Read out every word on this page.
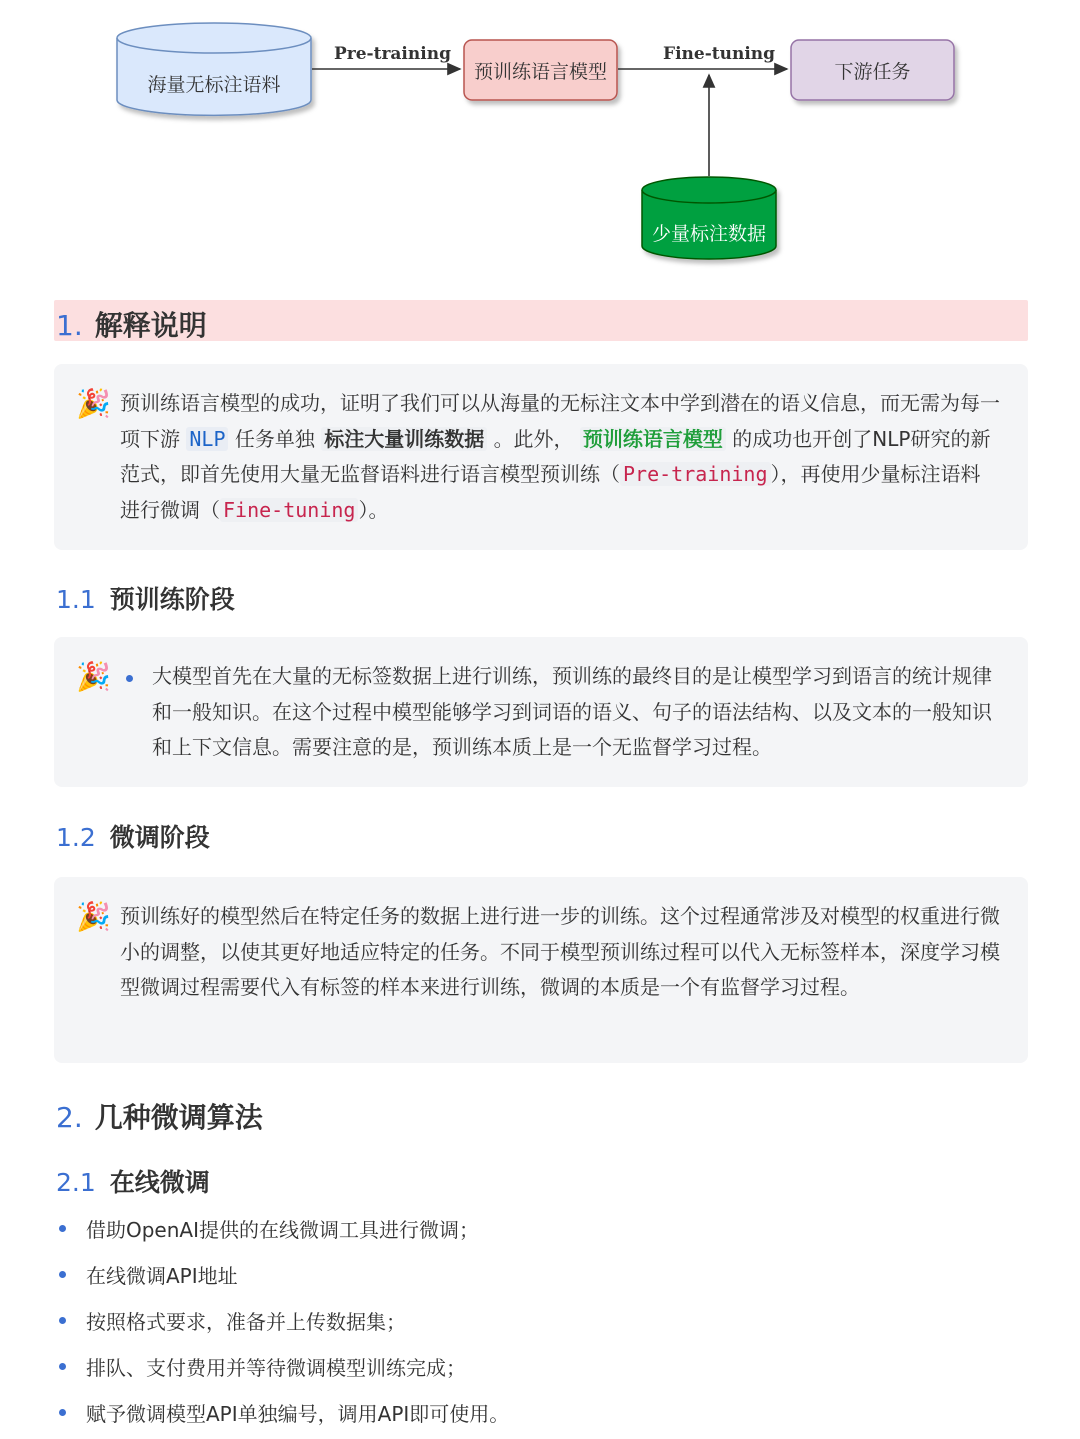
海量无标注语料
Pre-training
预训练语言模型
Fine-tuning
下游任务
少量标注数据
1. 解释说明
🎉 预训练语言模型的成功，证明了我们可以从海量的无标注文本中学到潜在的语义信息，而无需为每一项下游 NLP 任务单独 标注大量训练数据 。此外， 预训练语言模型 的成功也开创了NLP研究的新范式，即首先使用大量无监督语料进行语言模型预训练（ Pre-training ），再使用少量标注语料进行微调（ Fine-tuning ）。
1.1 预训练阶段
🎉 大模型首先在大量的无标签数据上进行训练，预训练的最终目的是让模型学习到语言的统计规律和一般知识。在这个过程中模型能够学习到词语的语义、句子的语法结构、以及文本的一般知识和上下文信息。需要注意的是，预训练本质上是一个无监督学习过程。
1.2 微调阶段
🎉 预训练好的模型然后在特定任务的数据上进行进一步的训练。这个过程通常涉及对模型的权重进行微小的调整，以使其更好地适应特定的任务。不同于模型预训练过程可以代入无标签样本，深度学习模型微调过程需要代入有标签的样本来进行训练，微调的本质是一个有监督学习过程。
2. 几种微调算法
2.1 在线微调
借助OpenAI提供的在线微调工具进行微调；
在线微调API地址
按照格式要求，准备并上传数据集；
排队、支付费用并等待微调模型训练完成；
赋予微调模型API单独编号，调用API即可使用。
